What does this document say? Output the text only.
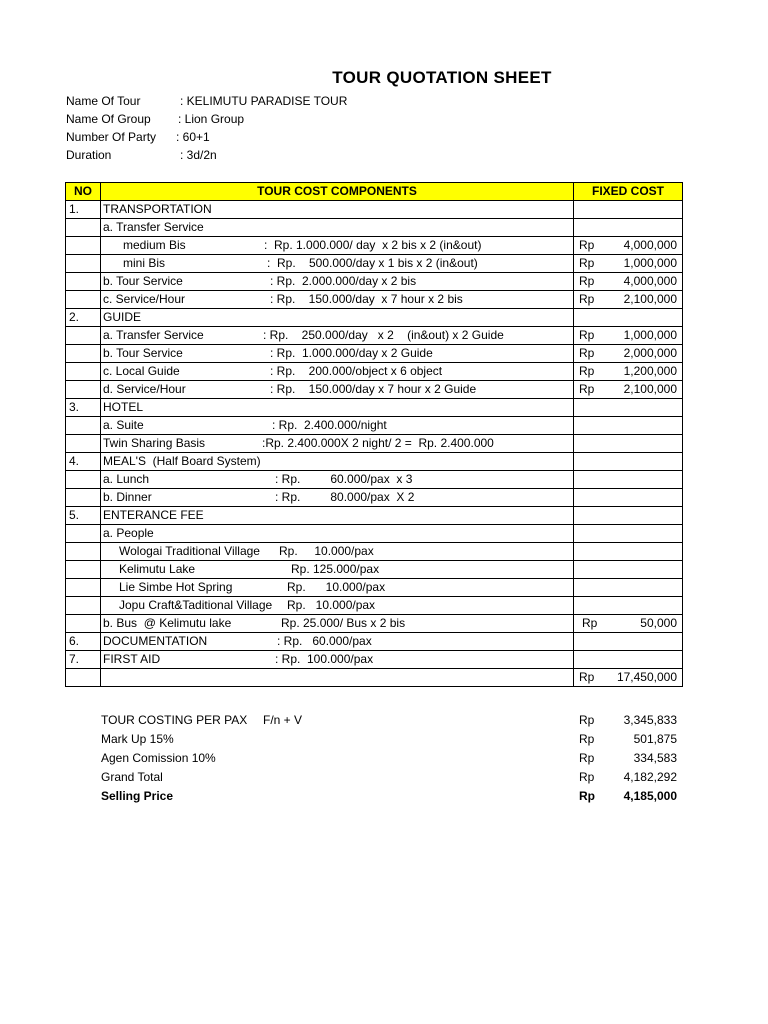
TOUR QUOTATION SHEET
Name Of Tour	: KELIMUTU PARADISE TOUR
Name Of Group : Lion Group
Number Of Party : 60+1
Duration	: 3d/2n
NO	TOUR COST COMPONENTS	FIXED COST
1.	TRANSPORTATION	

	a. Transfer Service	

	medium Bis :  Rp. 1.000.000/ day  x 2 bis x 2 (in&out)	Rp 4,000,000

	mini Bis :  Rp.    500.000/day x 1 bis x 2 (in&out)	Rp 1,000,000

	b. Tour Service : Rp.  2.000.000/day x 2 bis	Rp 4,000,000

	c. Service/Hour : Rp.    150.000/day  x 7 hour x 2 bis	Rp 2,100,000

2.	GUIDE	

	a. Transfer Service : Rp.    250.000/day   x 2    (in&out) x 2 Guide	Rp 1,000,000

	b. Tour Service : Rp.  1.000.000/day x 2 Guide	Rp 2,000,000

	c. Local Guide : Rp.    200.000/object x 6 object	Rp 1,200,000

	d. Service/Hour : Rp.    150.000/day x 7 hour x 2 Guide	Rp 2,100,000

3.	HOTEL	

	a. Suite : Rp.  2.400.000/night	

	Twin Sharing Basis :Rp. 2.400.000X 2 night/ 2 =  Rp. 2.400.000	

4.	MEAL'S  (Half Board System)	

	a. Lunch : Rp.         60.000/pax  x 3	

	b. Dinner : Rp.         80.000/pax  X 2	

5.	ENTERANCE FEE	

	a. People	

	Wologai Traditional Village Rp.     10.000/pax	

	Kelimutu Lake Rp. 125.000/pax	

	Lie Simbe Hot Spring Rp.      10.000/pax	

	Jopu Craft&Taditional Village Rp.   10.000/pax	

	b. Bus  @ Kelimutu lake Rp. 25.000/ Bus x 2 bis	Rp 50,000

6.	DOCUMENTATION : Rp.   60.000/pax	

7.	FIRST AID : Rp.  100.000/pax	

		Rp 17,450,000
TOUR COSTING PER PAX F/n + V	Rp 3,345,833
Mark Up 15%	Rp	501,875
Agen Comission 10%	Rp	334,583
Grand Total	Rp 4,182,292
Selling Price	Rp 4,185,000
